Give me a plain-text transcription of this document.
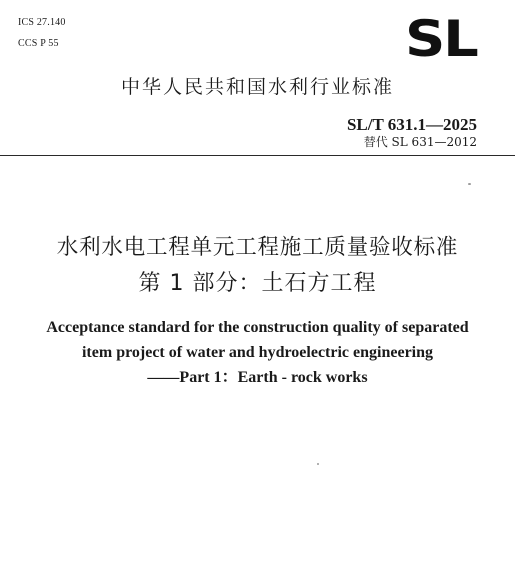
ICS 27.140
CCS P 55	SL
中华人民共和国水利行业标准
SL/T 631.1—2025
替代 SL 631—2012
水利水电工程单元工程施工质量验收标准
第 1 部分：土石方工程
Acceptance standard for the construction quality of separated
item project of water and hydroelectric engineering
——Part 1：Earth - rock works
